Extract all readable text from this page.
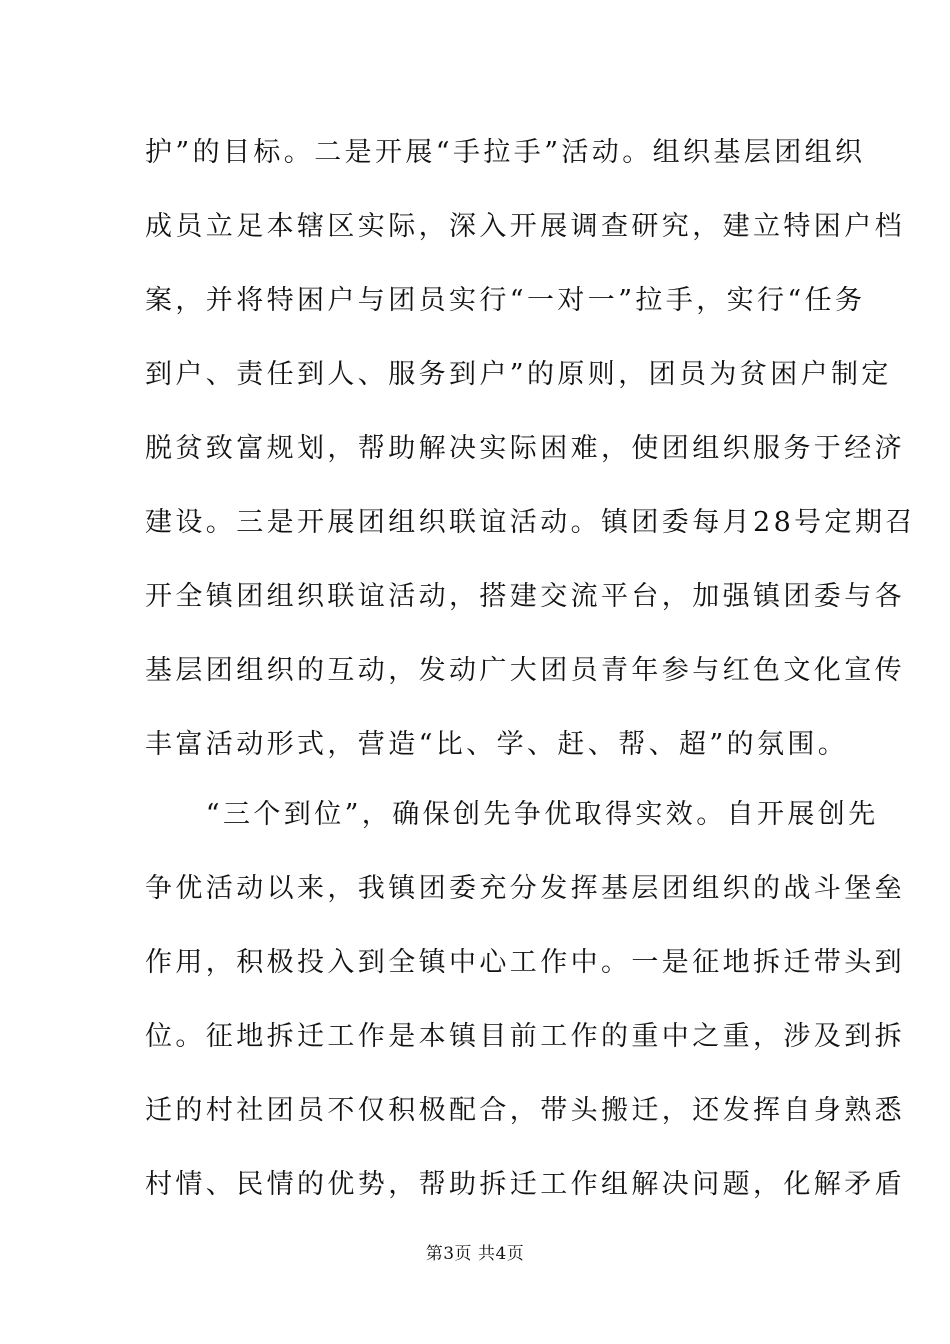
护”的目标。二是开展“手拉手”活动。组织基层团组织
成员立足本辖区实际，深入开展调查研究，建立特困户档
案，并将特困户与团员实行“一对一”拉手，实行“任务
到户、责任到人、服务到户”的原则，团员为贫困户制定
脱贫致富规划，帮助解决实际困难，使团组织服务于经济
建设。三是开展团组织联谊活动。镇团委每月28号定期召
开全镇团组织联谊活动，搭建交流平台，加强镇团委与各
基层团组织的互动，发动广大团员青年参与红色文化宣传
丰富活动形式，营造“比、学、赶、帮、超”的氛围。
　　“三个到位”，确保创先争优取得实效。自开展创先
争优活动以来，我镇团委充分发挥基层团组织的战斗堡垒
作用，积极投入到全镇中心工作中。一是征地拆迁带头到
位。征地拆迁工作是本镇目前工作的重中之重，涉及到拆
迁的村社团员不仅积极配合，带头搬迁，还发挥自身熟悉
村情、民情的优势，帮助拆迁工作组解决问题，化解矛盾
第3页 共4页
